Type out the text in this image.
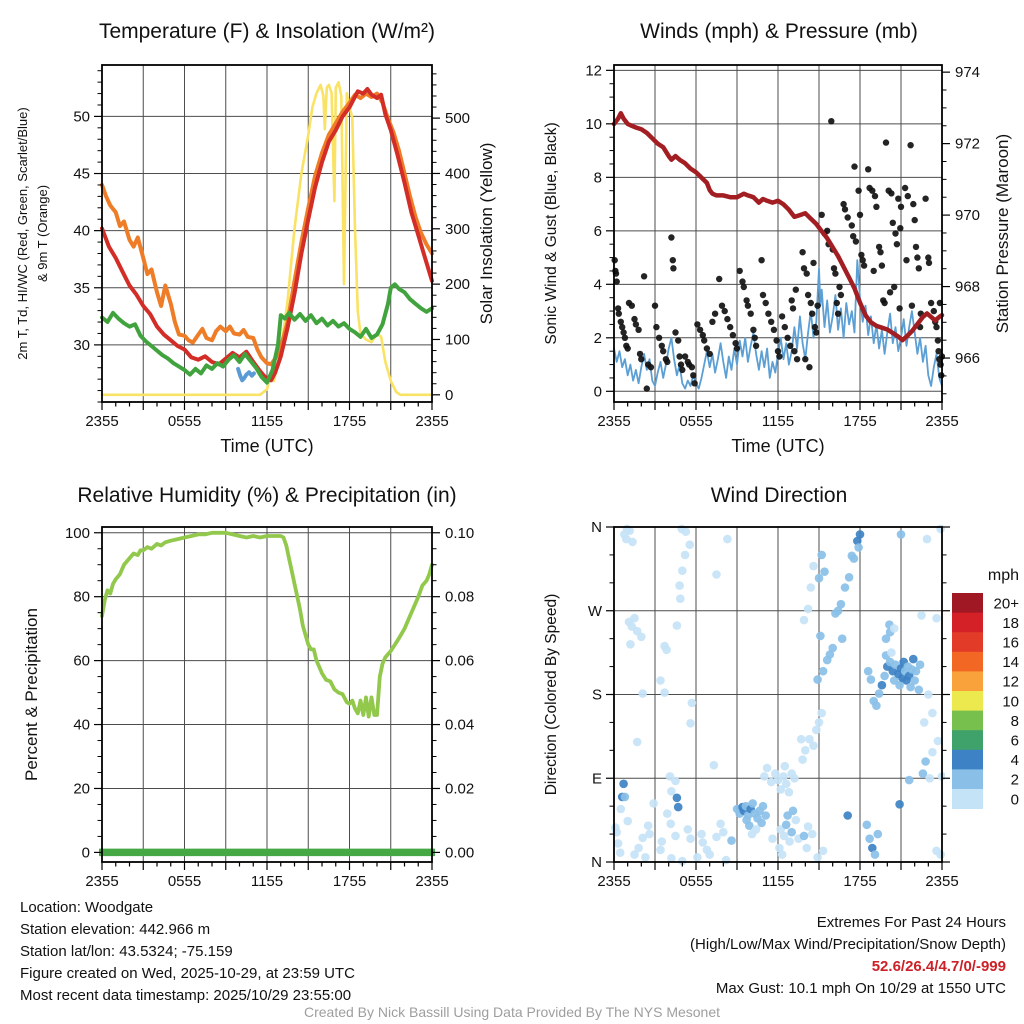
Temperature (F) & Insolation (W/m²)
2355	0555	1155	1755	2355
Time (UTC)
30
35
40
45
50
0
100
200
300
400
500
2m T, Td, HI/WC (Red, Green, Scarlet/Blue) & 9m T (Orange)	Solar Insolation (Yellow)
Winds (mph) & Pressure (mb)
2355	0555	1155	1755	2355
Time (UTC)
0
2
4
6
8
10
12
966
968
970
972
974
Sonic Wind & Gust (Blue, Black)	Station Pressure (Maroon)
Relative Humidity (%) & Precipitation (in)
2355	0555	1155	1755	2355
0
20
40
60
80
100
0.00
0.02
0.04
0.06
0.08
0.10
Percent & Precipitation
Wind Direction
2355	0555	1155	1755	2355
N
E
S
W
N
Direction (Colored By Speed)
mph
20+
18
16
14
12
10
8
6
4
2
0
Location: Woodgate
Station elevation: 442.966 m
Station lat/lon: 43.5324; -75.159
Figure created on Wed, 2025-10-29, at 23:59 UTC
Most recent data timestamp: 2025/10/29 23:55:00
Extremes For Past 24 Hours
(High/Low/Max Wind/Precipitation/Snow Depth)
52.6/26.4/4.7/0/-999
Max Gust: 10.1 mph On 10/29 at 1550 UTC
Created By Nick Bassill Using Data Provided By The NYS Mesonet
